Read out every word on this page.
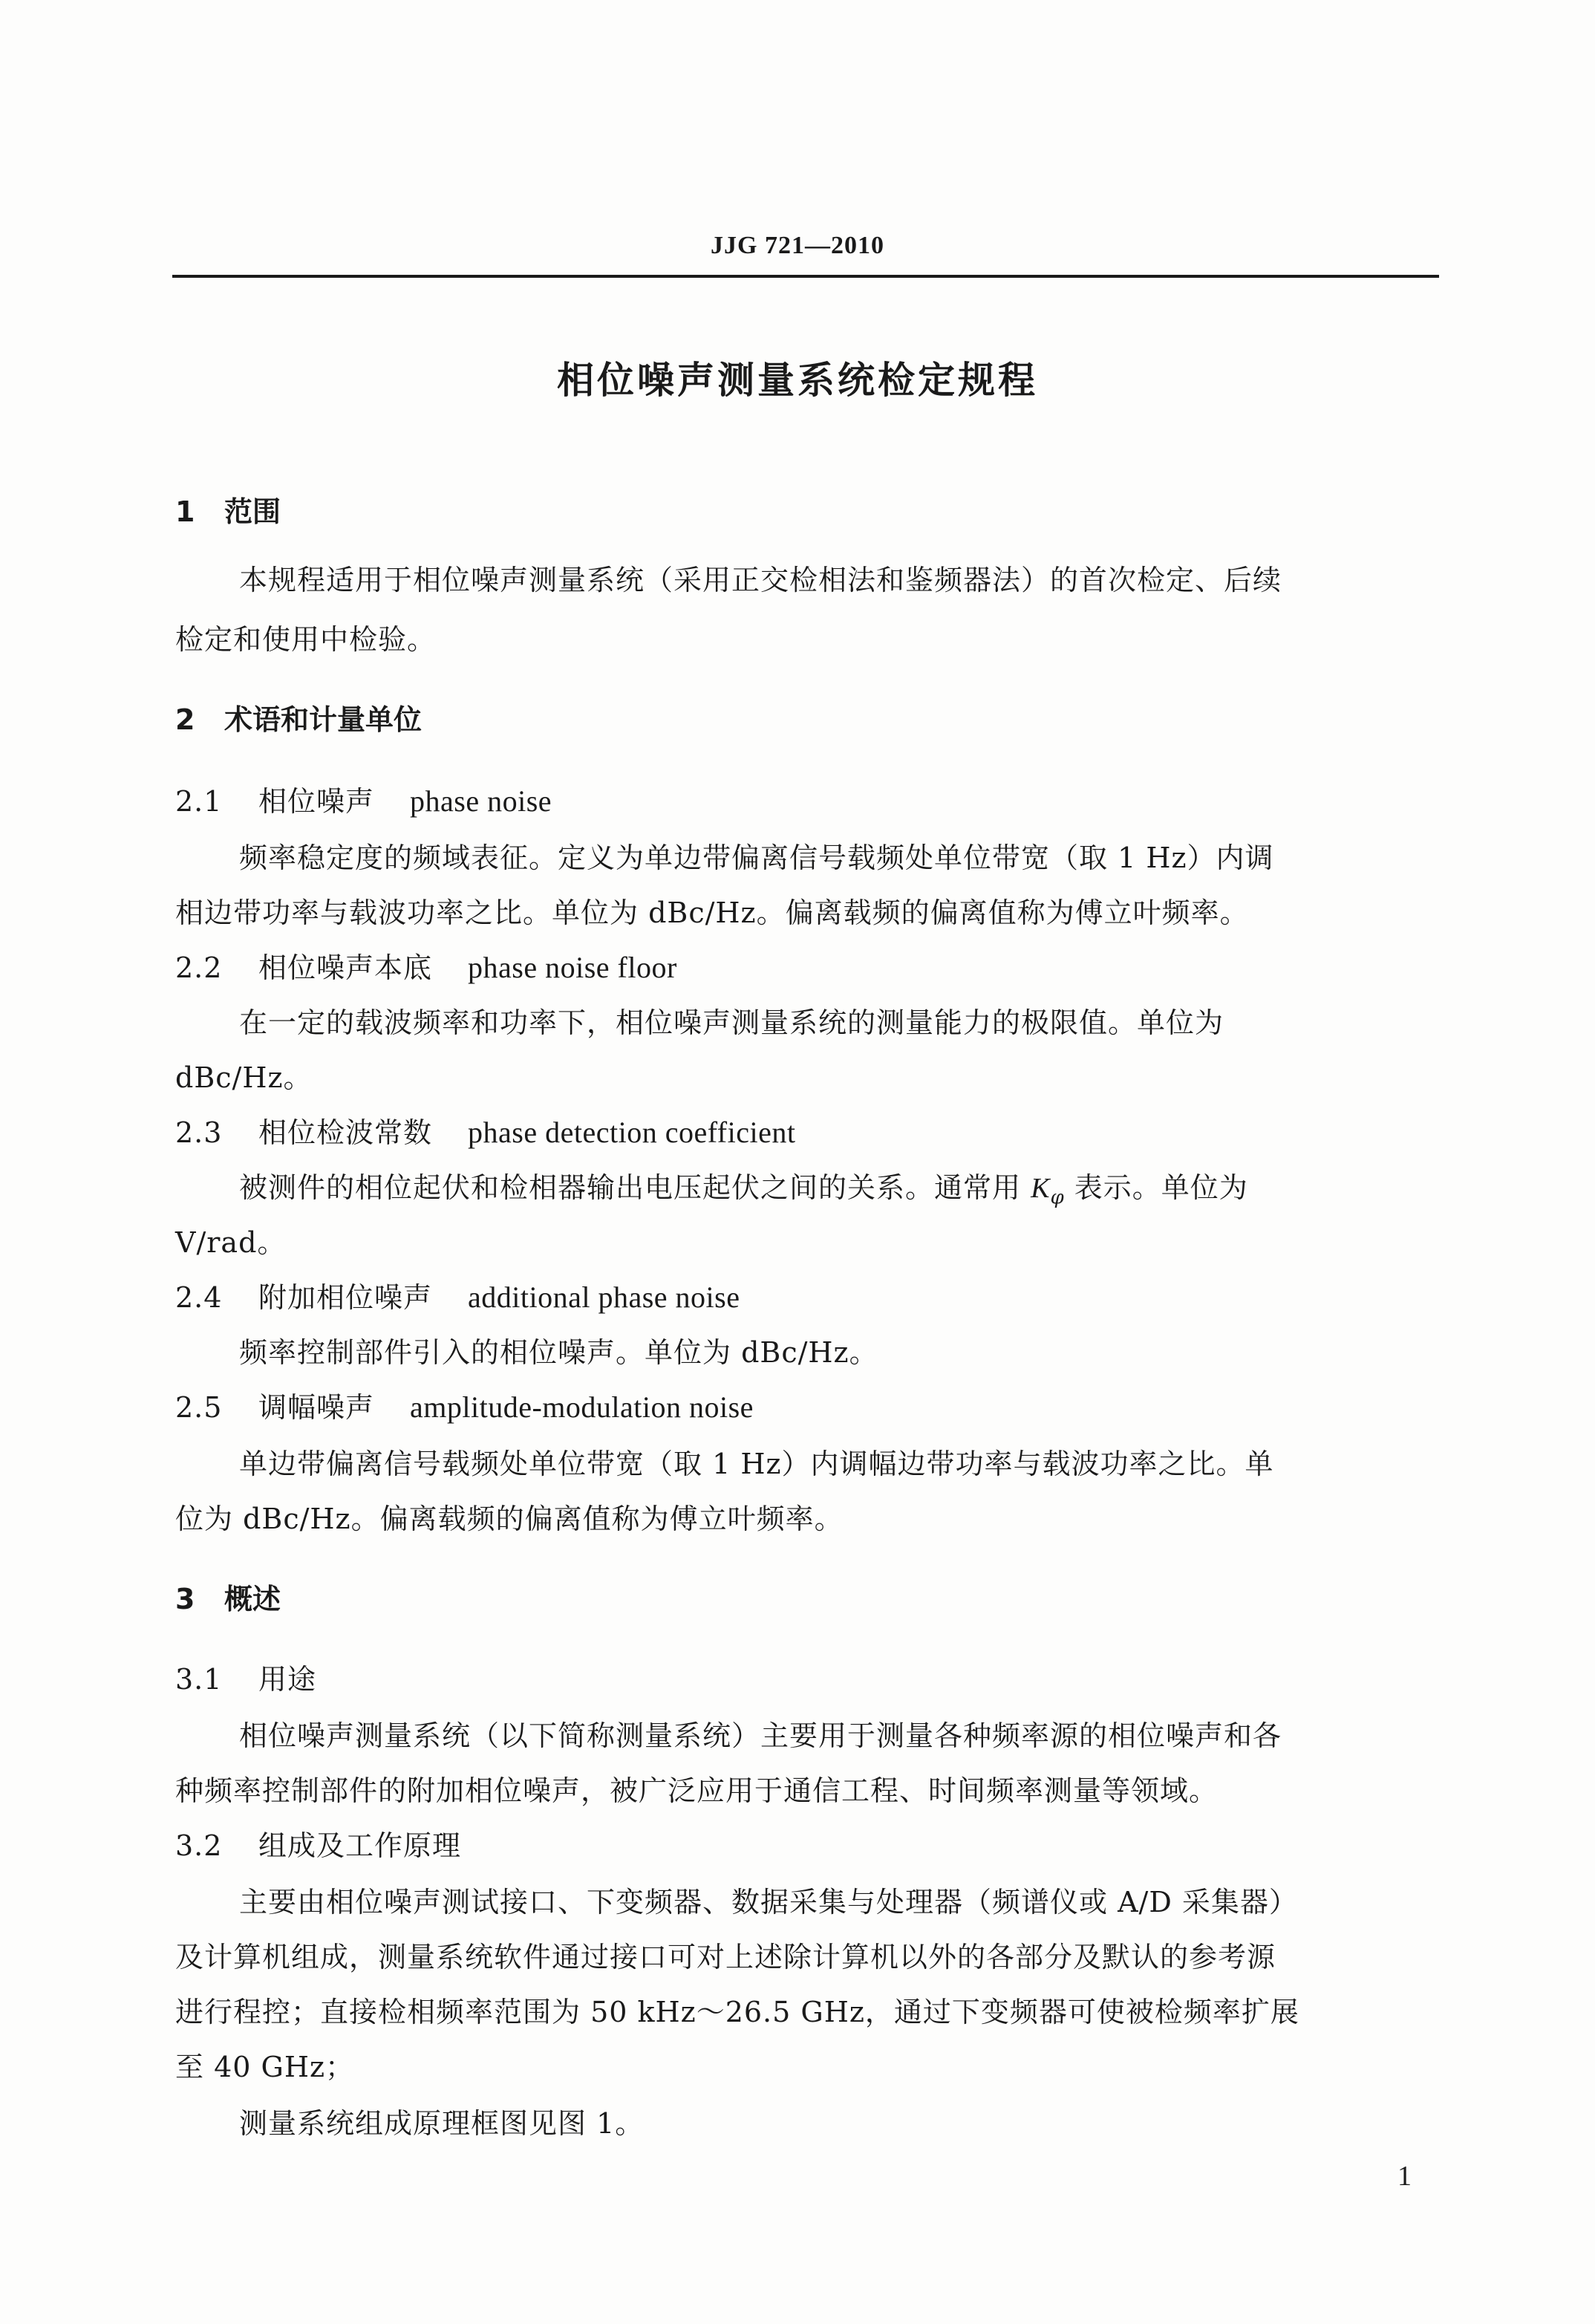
JJG 721—2010
相位噪声测量系统检定规程
1 范围
本规程适用于相位噪声测量系统（采用正交检相法和鉴频器法）的首次检定、后续
检定和使用中检验。
2 术语和计量单位
2.1 相位噪声 phase noise
频率稳定度的频域表征。定义为单边带偏离信号载频处单位带宽（取 1 Hz）内调
相边带功率与载波功率之比。单位为 dBc/Hz。偏离载频的偏离值称为傅立叶频率。
2.2 相位噪声本底 phase noise floor
在一定的载波频率和功率下，相位噪声测量系统的测量能力的极限值。单位为
dBc/Hz。
2.3 相位检波常数 phase detection coefficient
被测件的相位起伏和检相器输出电压起伏之间的关系。通常用 $K_\varphi$ 表示。单位为
V/rad。
2.4 附加相位噪声 additional phase noise
频率控制部件引入的相位噪声。单位为 dBc/Hz。
2.5 调幅噪声 amplitude-modulation noise
单边带偏离信号载频处单位带宽（取 1 Hz）内调幅边带功率与载波功率之比。单
位为 dBc/Hz。偏离载频的偏离值称为傅立叶频率。
3 概述
3.1 用途
相位噪声测量系统（以下简称测量系统）主要用于测量各种频率源的相位噪声和各
种频率控制部件的附加相位噪声，被广泛应用于通信工程、时间频率测量等领域。
3.2 组成及工作原理
主要由相位噪声测试接口、下变频器、数据采集与处理器（频谱仪或 A/D 采集器）
及计算机组成，测量系统软件通过接口可对上述除计算机以外的各部分及默认的参考源
进行程控；直接检相频率范围为 50 kHz～26.5 GHz，通过下变频器可使被检频率扩展
至 40 GHz；
测量系统组成原理框图见图 1。
1
